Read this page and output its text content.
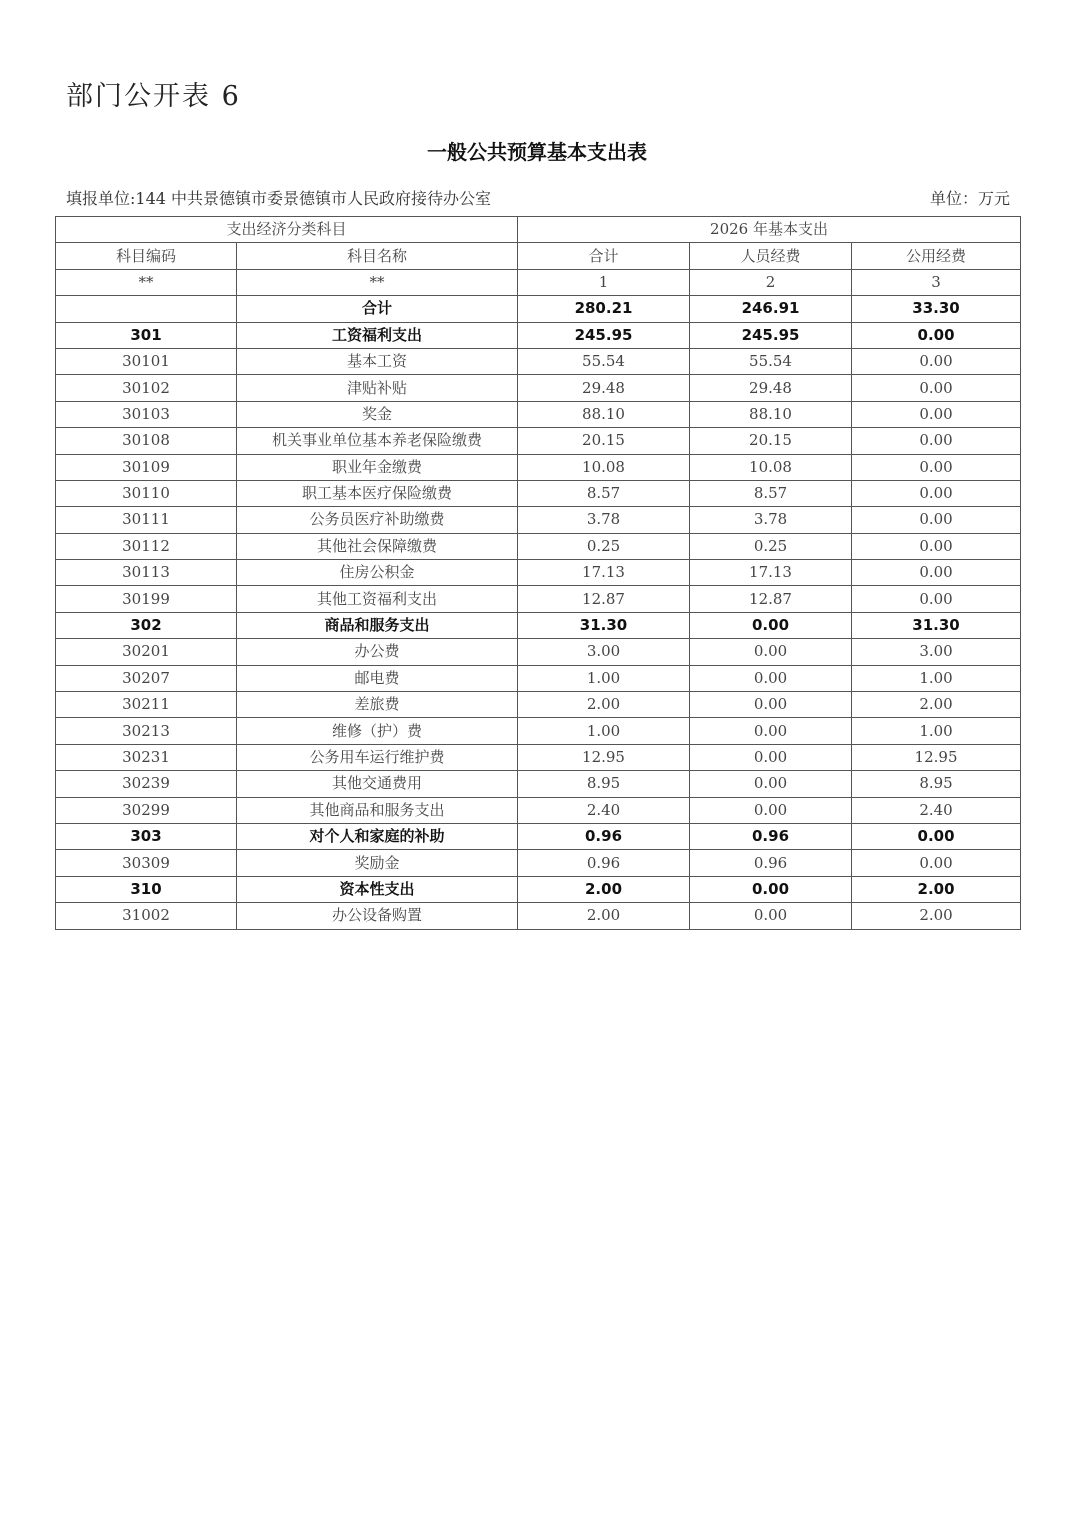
部门公开表 6
一般公共预算基本支出表
填报单位:144 中共景德镇市委景德镇市人民政府接待办公室	单位：万元
支出经济分类科目		2026 年基本支出		
科目编码	科目名称	合计	人员经费	公用经费
**	**	1	2	3
	合计	280.21	246.91	33.30
301	工资福利支出	245.95	245.95	0.00
30101	基本工资	55.54	55.54	0.00
30102	津贴补贴	29.48	29.48	0.00
30103	奖金	88.10	88.10	0.00
30108	机关事业单位基本养老保险缴费	20.15	20.15	0.00
30109	职业年金缴费	10.08	10.08	0.00
30110	职工基本医疗保险缴费	8.57	8.57	0.00
30111	公务员医疗补助缴费	3.78	3.78	0.00
30112	其他社会保障缴费	0.25	0.25	0.00
30113	住房公积金	17.13	17.13	0.00
30199	其他工资福利支出	12.87	12.87	0.00
302	商品和服务支出	31.30	0.00	31.30
30201	办公费	3.00	0.00	3.00
30207	邮电费	1.00	0.00	1.00
30211	差旅费	2.00	0.00	2.00
30213	维修（护）费	1.00	0.00	1.00
30231	公务用车运行维护费	12.95	0.00	12.95
30239	其他交通费用	8.95	0.00	8.95
30299	其他商品和服务支出	2.40	0.00	2.40
303	对个人和家庭的补助	0.96	0.96	0.00
30309	奖励金	0.96	0.96	0.00
310	资本性支出	2.00	0.00	2.00
31002	办公设备购置	2.00	0.00	2.00
